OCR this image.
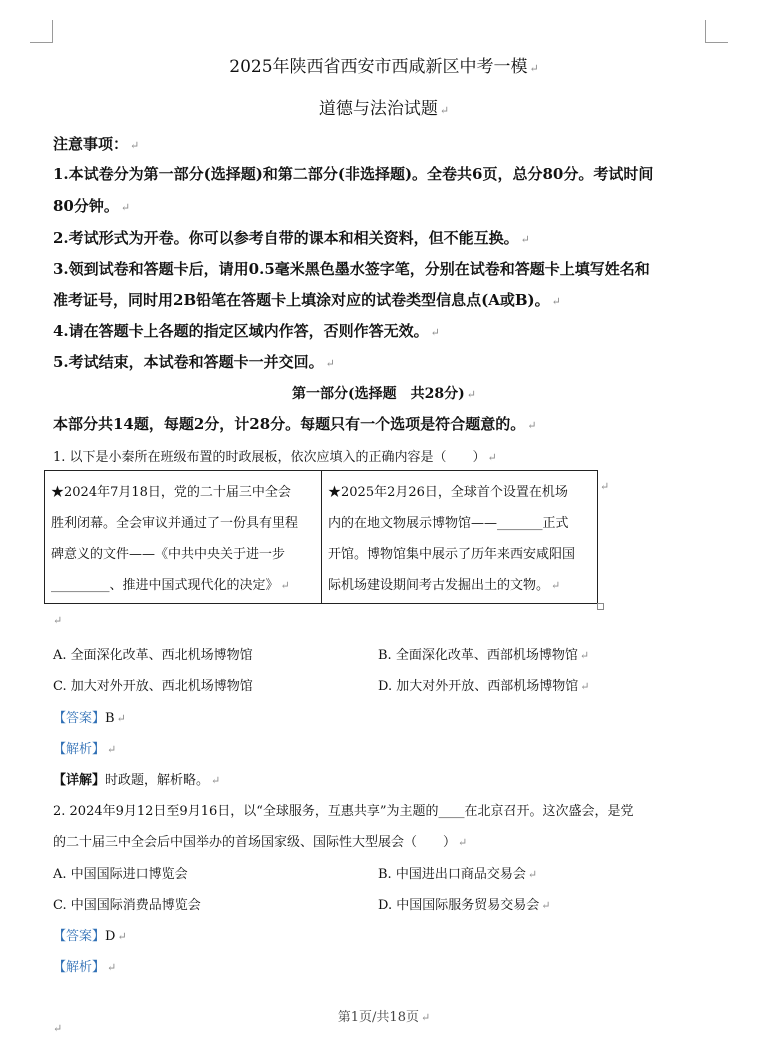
2025年陕西省西安市西咸新区中考一模 ↵
道德与法治试题 ↵
注意事项： ↵
1.本试卷分为第一部分(选择题)和第二部分(非选择题)。全卷共6页，总分80分。考试时间
80分钟。 ↵
2.考试形式为开卷。你可以参考自带的课本和相关资料，但不能互换。 ↵
3.领到试卷和答题卡后，请用0.5毫米黑色墨水签字笔，分别在试卷和答题卡上填写姓名和
准考证号，同时用2B铅笔在答题卡上填涂对应的试卷类型信息点(A或B)。 ↵
4.请在答题卡上各题的指定区域内作答，否则作答无效。 ↵
5.考试结束，本试卷和答题卡一并交回。 ↵
第一部分(选择题　共28分) ↵
本部分共14题，每题2分，计28分。每题只有一个选项是符合题意的。 ↵
1. 以下是小秦所在班级布置的时政展板，依次应填入的正确内容是（　　） ↵
★2024年7月18日，党的二十届三中全会
胜利闭幕。全会审议并通过了一份具有里程
碑意义的文件——《中共中央关于进一步
_________、推进中国式现代化的决定》 ↵
★2025年2月26日，全球首个设置在机场
内的在地文物展示博物馆——_______正式
开馆。博物馆集中展示了历年来西安咸阳国
际机场建设期间考古发掘出土的文物。 ↵
↵
↵
A. 全面深化改革、西北机场博物馆	B. 全面深化改革、西部机场博物馆 ↵
C. 加大对外开放、西北机场博物馆	D. 加大对外开放、西部机场博物馆 ↵
【答案】B ↵
【解析】 ↵
【详解】时政题，解析略。 ↵
2. 2024年9月12日至9月16日，以“全球服务，互惠共享”为主题的____在北京召开。这次盛会，是党
的二十届三中全会后中国举办的首场国家级、国际性大型展会（　　） ↵
A. 中国国际进口博览会	B. 中国进出口商品交易会 ↵
C. 中国国际消费品博览会	D. 中国国际服务贸易交易会 ↵
【答案】D ↵
【解析】 ↵
第1页/共18页 ↵
↵
